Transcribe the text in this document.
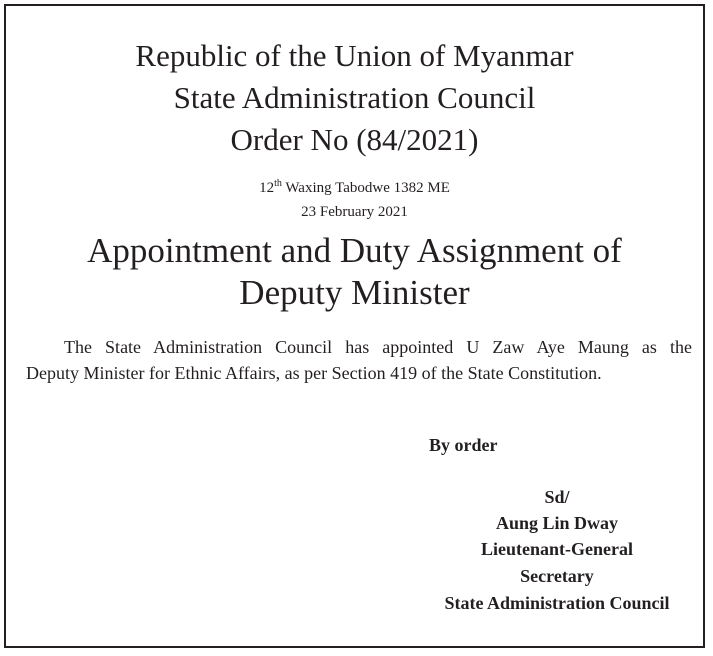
Republic of the Union of Myanmar
State Administration Council
Order No (84/2021)
12th Waxing Tabodwe 1382 ME
23 February 2021
Appointment and Duty Assignment of
Deputy Minister
The State Administration Council has appointed U Zaw Aye Maung as the
Deputy Minister for Ethnic Affairs, as per Section 419 of the State Constitution.
By order
Sd/
Aung Lin Dway
Lieutenant-General
Secretary
State Administration Council
